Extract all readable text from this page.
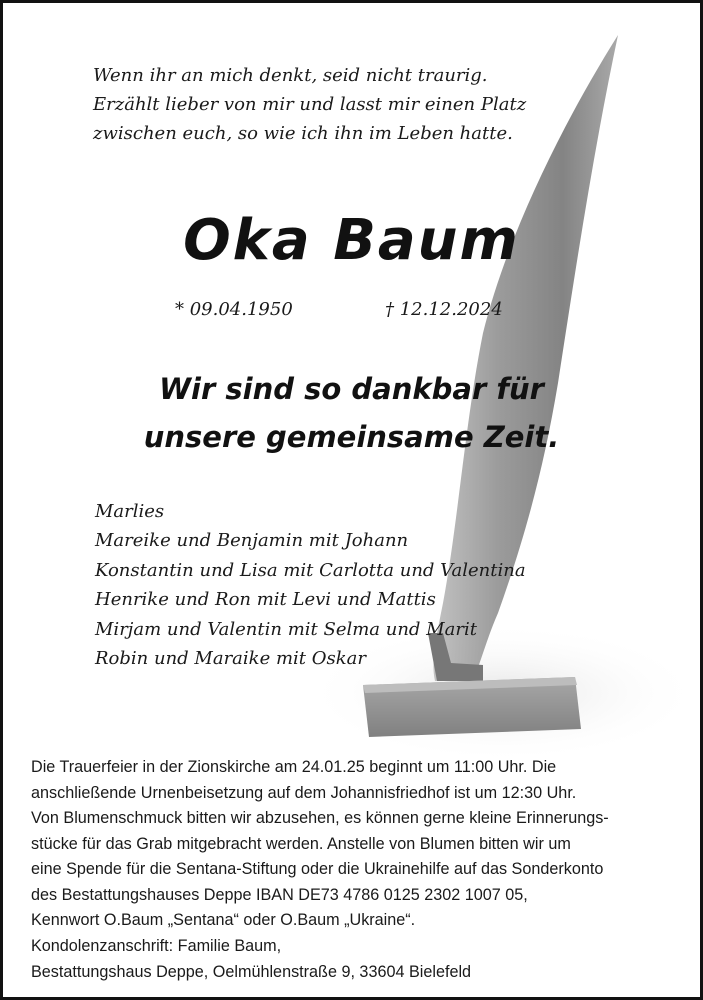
Wenn ihr an mich denkt, seid nicht traurig.
Erzählt lieber von mir und lasst mir einen Platz
zwischen euch, so wie ich ihn im Leben hatte.
Oka Baum
* 09.04.1950	† 12.12.2024
Wir sind so dankbar für
unsere gemeinsame Zeit.
Marlies
Mareike und Benjamin mit Johann
Konstantin und Lisa mit Carlotta und Valentina
Henrike und Ron mit Levi und Mattis
Mirjam und Valentin mit Selma und Marit
Robin und Maraike mit Oskar
Die Trauerfeier in der Zionskirche am 24.01.25 beginnt um 11:00 Uhr. Die
anschließende Urnenbeisetzung auf dem Johannisfriedhof ist um 12:30 Uhr.
Von Blumenschmuck bitten wir abzusehen, es können gerne kleine Erinnerungs-
stücke für das Grab mitgebracht werden. Anstelle von Blumen bitten wir um
eine Spende für die Sentana-Stiftung oder die Ukrainehilfe auf das Sonderkonto
des Bestattungshauses Deppe IBAN DE73 4786 0125 2302 1007 05,
Kennwort O.Baum „Sentana“ oder O.Baum „Ukraine“.
Kondolenzanschrift: Familie Baum,
Bestattungshaus Deppe, Oelmühlenstraße 9, 33604 Bielefeld
